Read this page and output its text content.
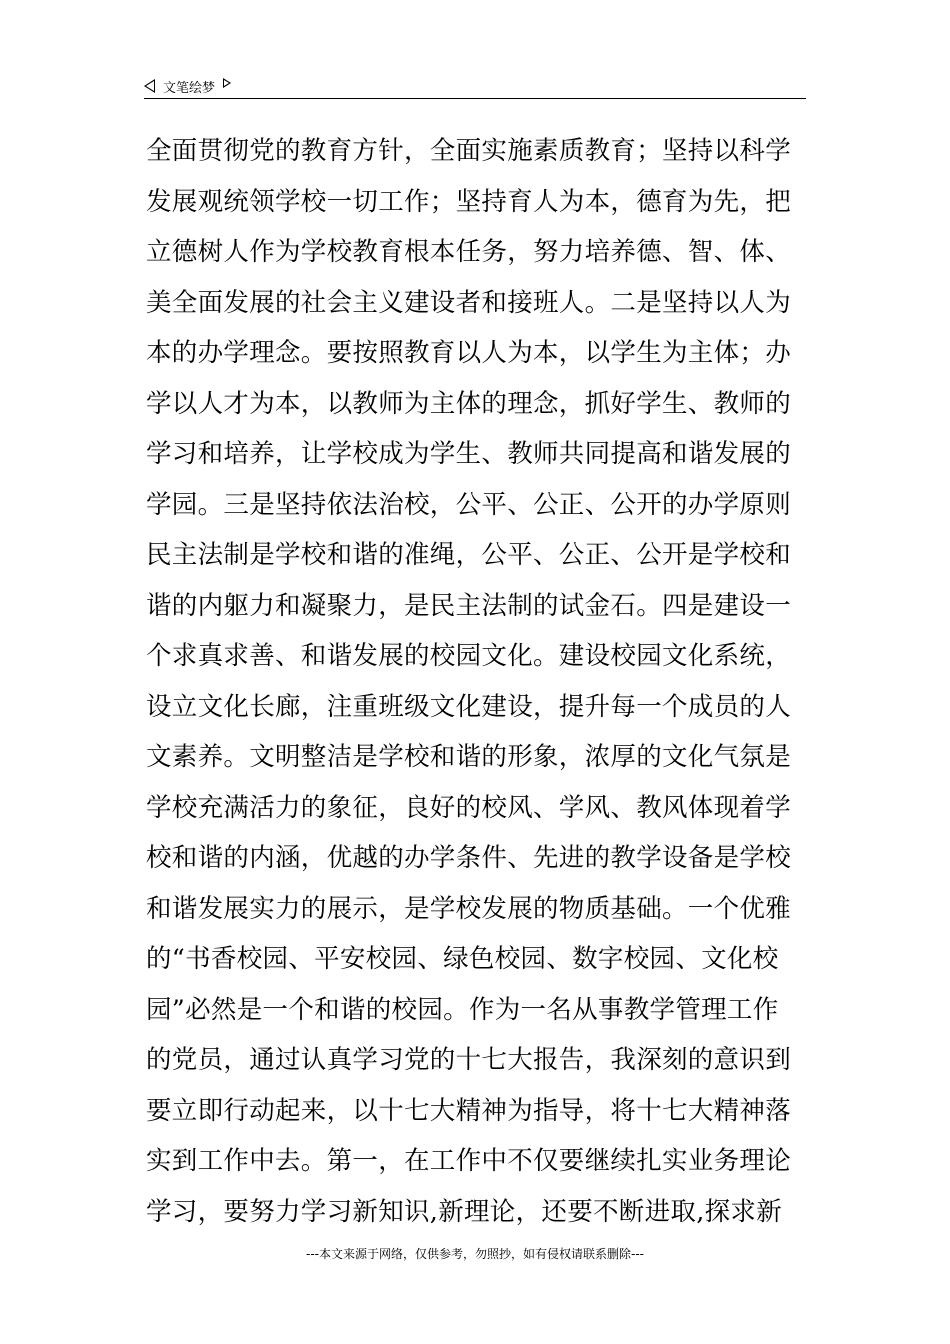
文笔绘梦
全面贯彻党的教育方针，全面实施素质教育；坚持以科学
发展观统领学校一切工作；坚持育人为本，德育为先，把
立德树人作为学校教育根本任务，努力培养德、智、体、
美全面发展的社会主义建设者和接班人。二是坚持以人为
本的办学理念。要按照教育以人为本，以学生为主体；办
学以人才为本，以教师为主体的理念，抓好学生、教师的
学习和培养，让学校成为学生、教师共同提高和谐发展的
学园。三是坚持依法治校，公平、公正、公开的办学原则
民主法制是学校和谐的准绳，公平、公正、公开是学校和
谐的内躯力和凝聚力，是民主法制的试金石。四是建设一
个求真求善、和谐发展的校园文化。建设校园文化系统，
设立文化长廊，注重班级文化建设，提升每一个成员的人
文素养。文明整洁是学校和谐的形象，浓厚的文化气氛是
学校充满活力的象征，良好的校风、学风、教风体现着学
校和谐的内涵，优越的办学条件、先进的教学设备是学校
和谐发展实力的展示，是学校发展的物质基础。一个优雅
的“书香校园、平安校园、绿色校园、数字校园、文化校
园”必然是一个和谐的校园。作为一名从事教学管理工作
的党员，通过认真学习党的十七大报告，我深刻的意识到
要立即行动起来，以十七大精神为指导，将十七大精神落
实到工作中去。第一，在工作中不仅要继续扎实业务理论
学习，要努力学习新知识,新理论，还要不断进取,探求新
---本文来源于网络，仅供参考，勿照抄，如有侵权请联系删除---
